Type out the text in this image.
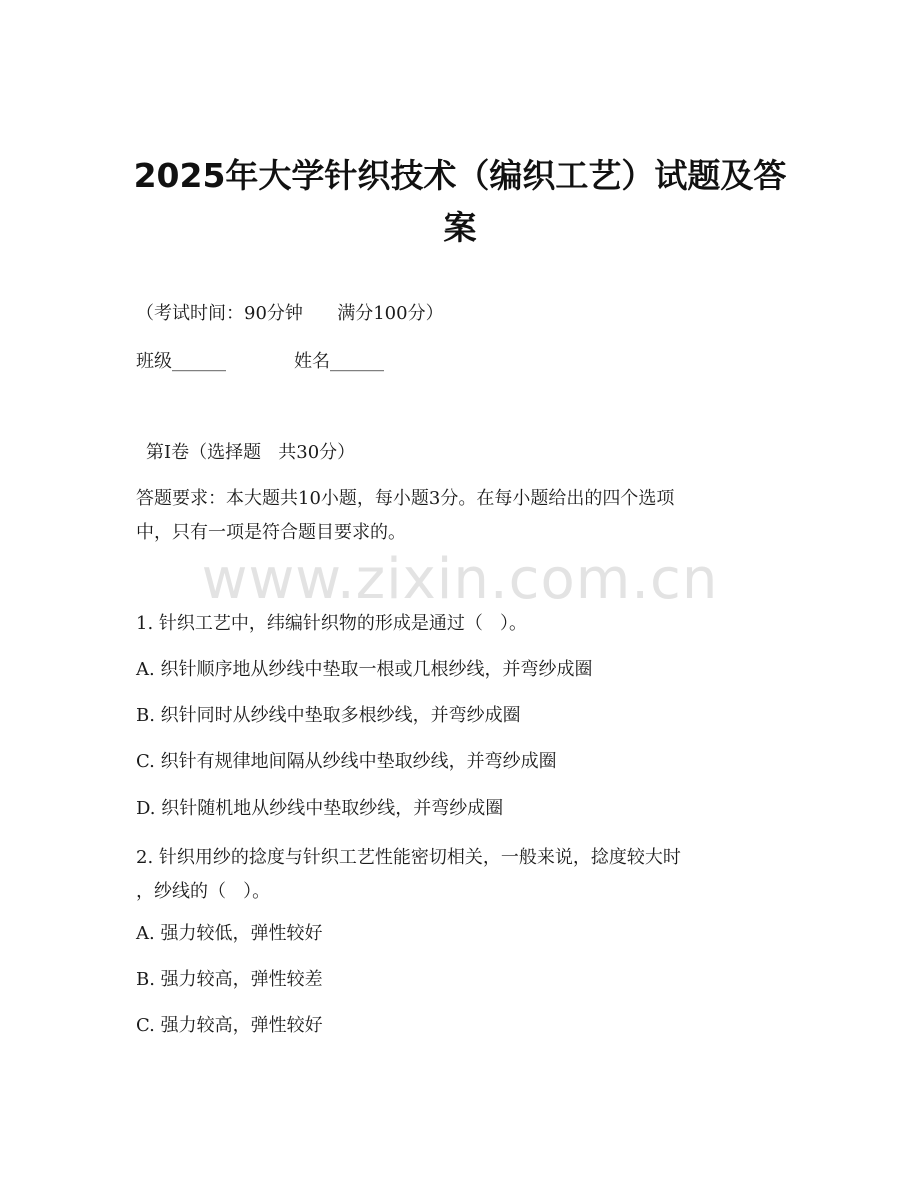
2025年大学针织技术（编织工艺）试题及答
案
（考试时间：90分钟      满分100分）
班级______	姓名______
第I卷（选择题   共30分）
答题要求：本大题共10小题，每小题3分。在每小题给出的四个选项
中，只有一项是符合题目要求的。
www.zixin.com.cn
1. 针织工艺中，纬编针织物的形成是通过（   ）。
A. 织针顺序地从纱线中垫取一根或几根纱线，并弯纱成圈
B. 织针同时从纱线中垫取多根纱线，并弯纱成圈
C. 织针有规律地间隔从纱线中垫取纱线，并弯纱成圈
D. 织针随机地从纱线中垫取纱线，并弯纱成圈
2. 针织用纱的捻度与针织工艺性能密切相关，一般来说，捻度较大时
，纱线的（   ）。
A. 强力较低，弹性较好
B. 强力较高，弹性较差
C. 强力较高，弹性较好
